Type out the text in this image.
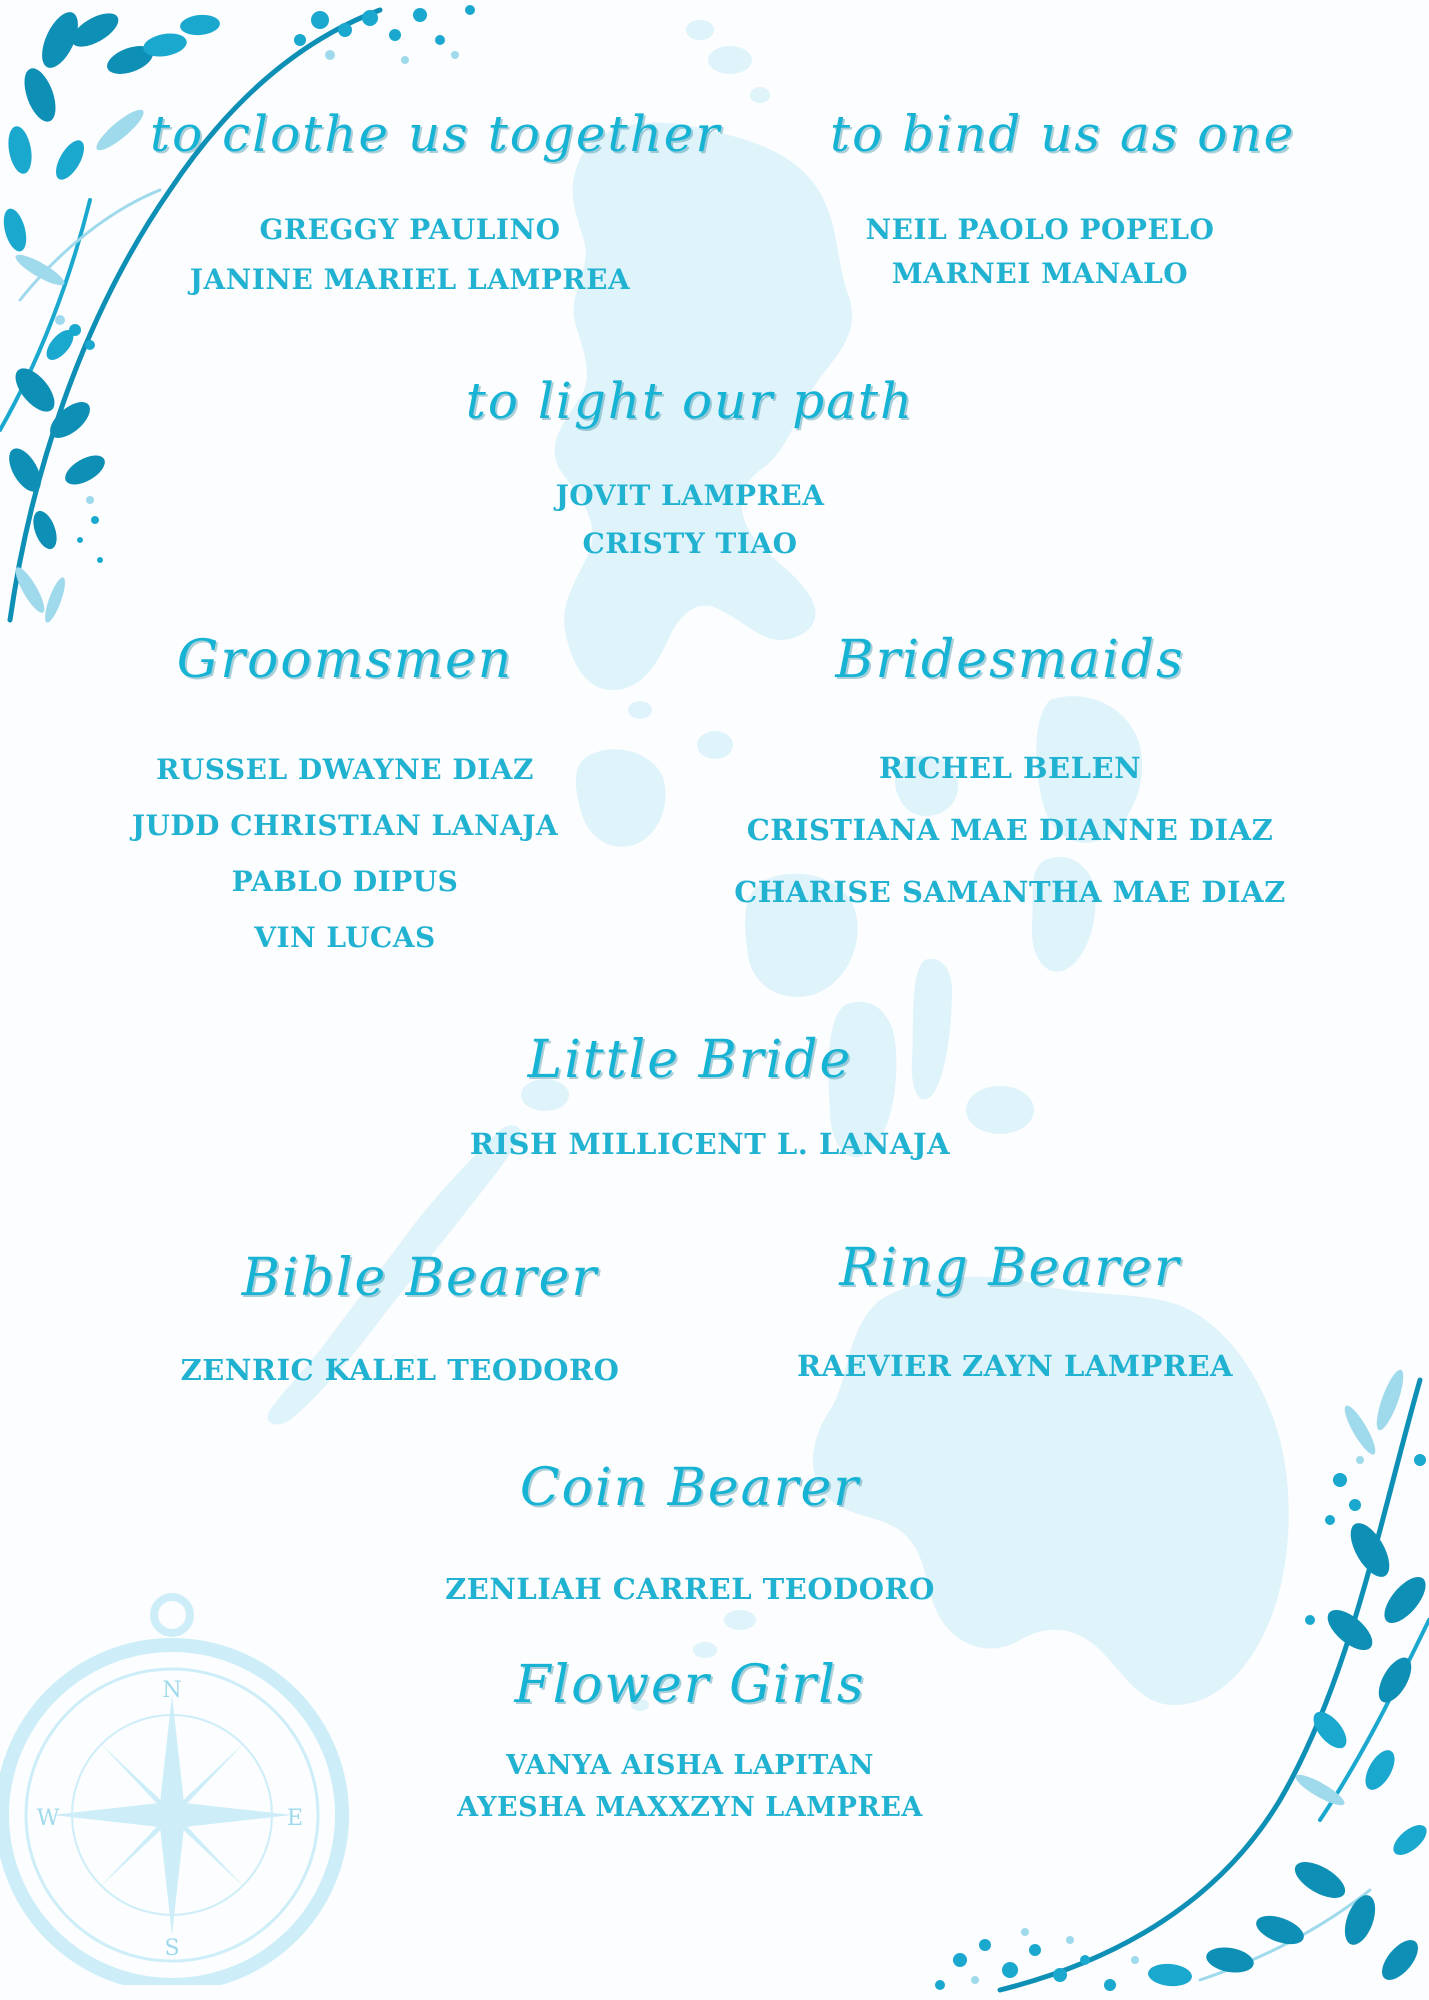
N
E
S
W
to clothe us together
GREGGY PAULINO
JANINE MARIEL LAMPREA
to bind us as one
NEIL PAOLO POPELO
MARNEI MANALO
to light our path
JOVIT LAMPREA
CRISTY TIAO
Groomsmen
RUSSEL DWAYNE DIAZ
JUDD CHRISTIAN LANAJA
PABLO DIPUS
VIN LUCAS
Bridesmaids
RICHEL BELEN
CRISTIANA MAE DIANNE DIAZ
CHARISE SAMANTHA MAE DIAZ
Little Bride
RISH MILLICENT L. LANAJA
Bible Bearer
ZENRIC KALEL TEODORO
Ring Bearer
RAEVIER ZAYN LAMPREA
Coin Bearer
ZENLIAH CARREL TEODORO
Flower Girls
VANYA AISHA LAPITAN
AYESHA MAXXZYN LAMPREA
